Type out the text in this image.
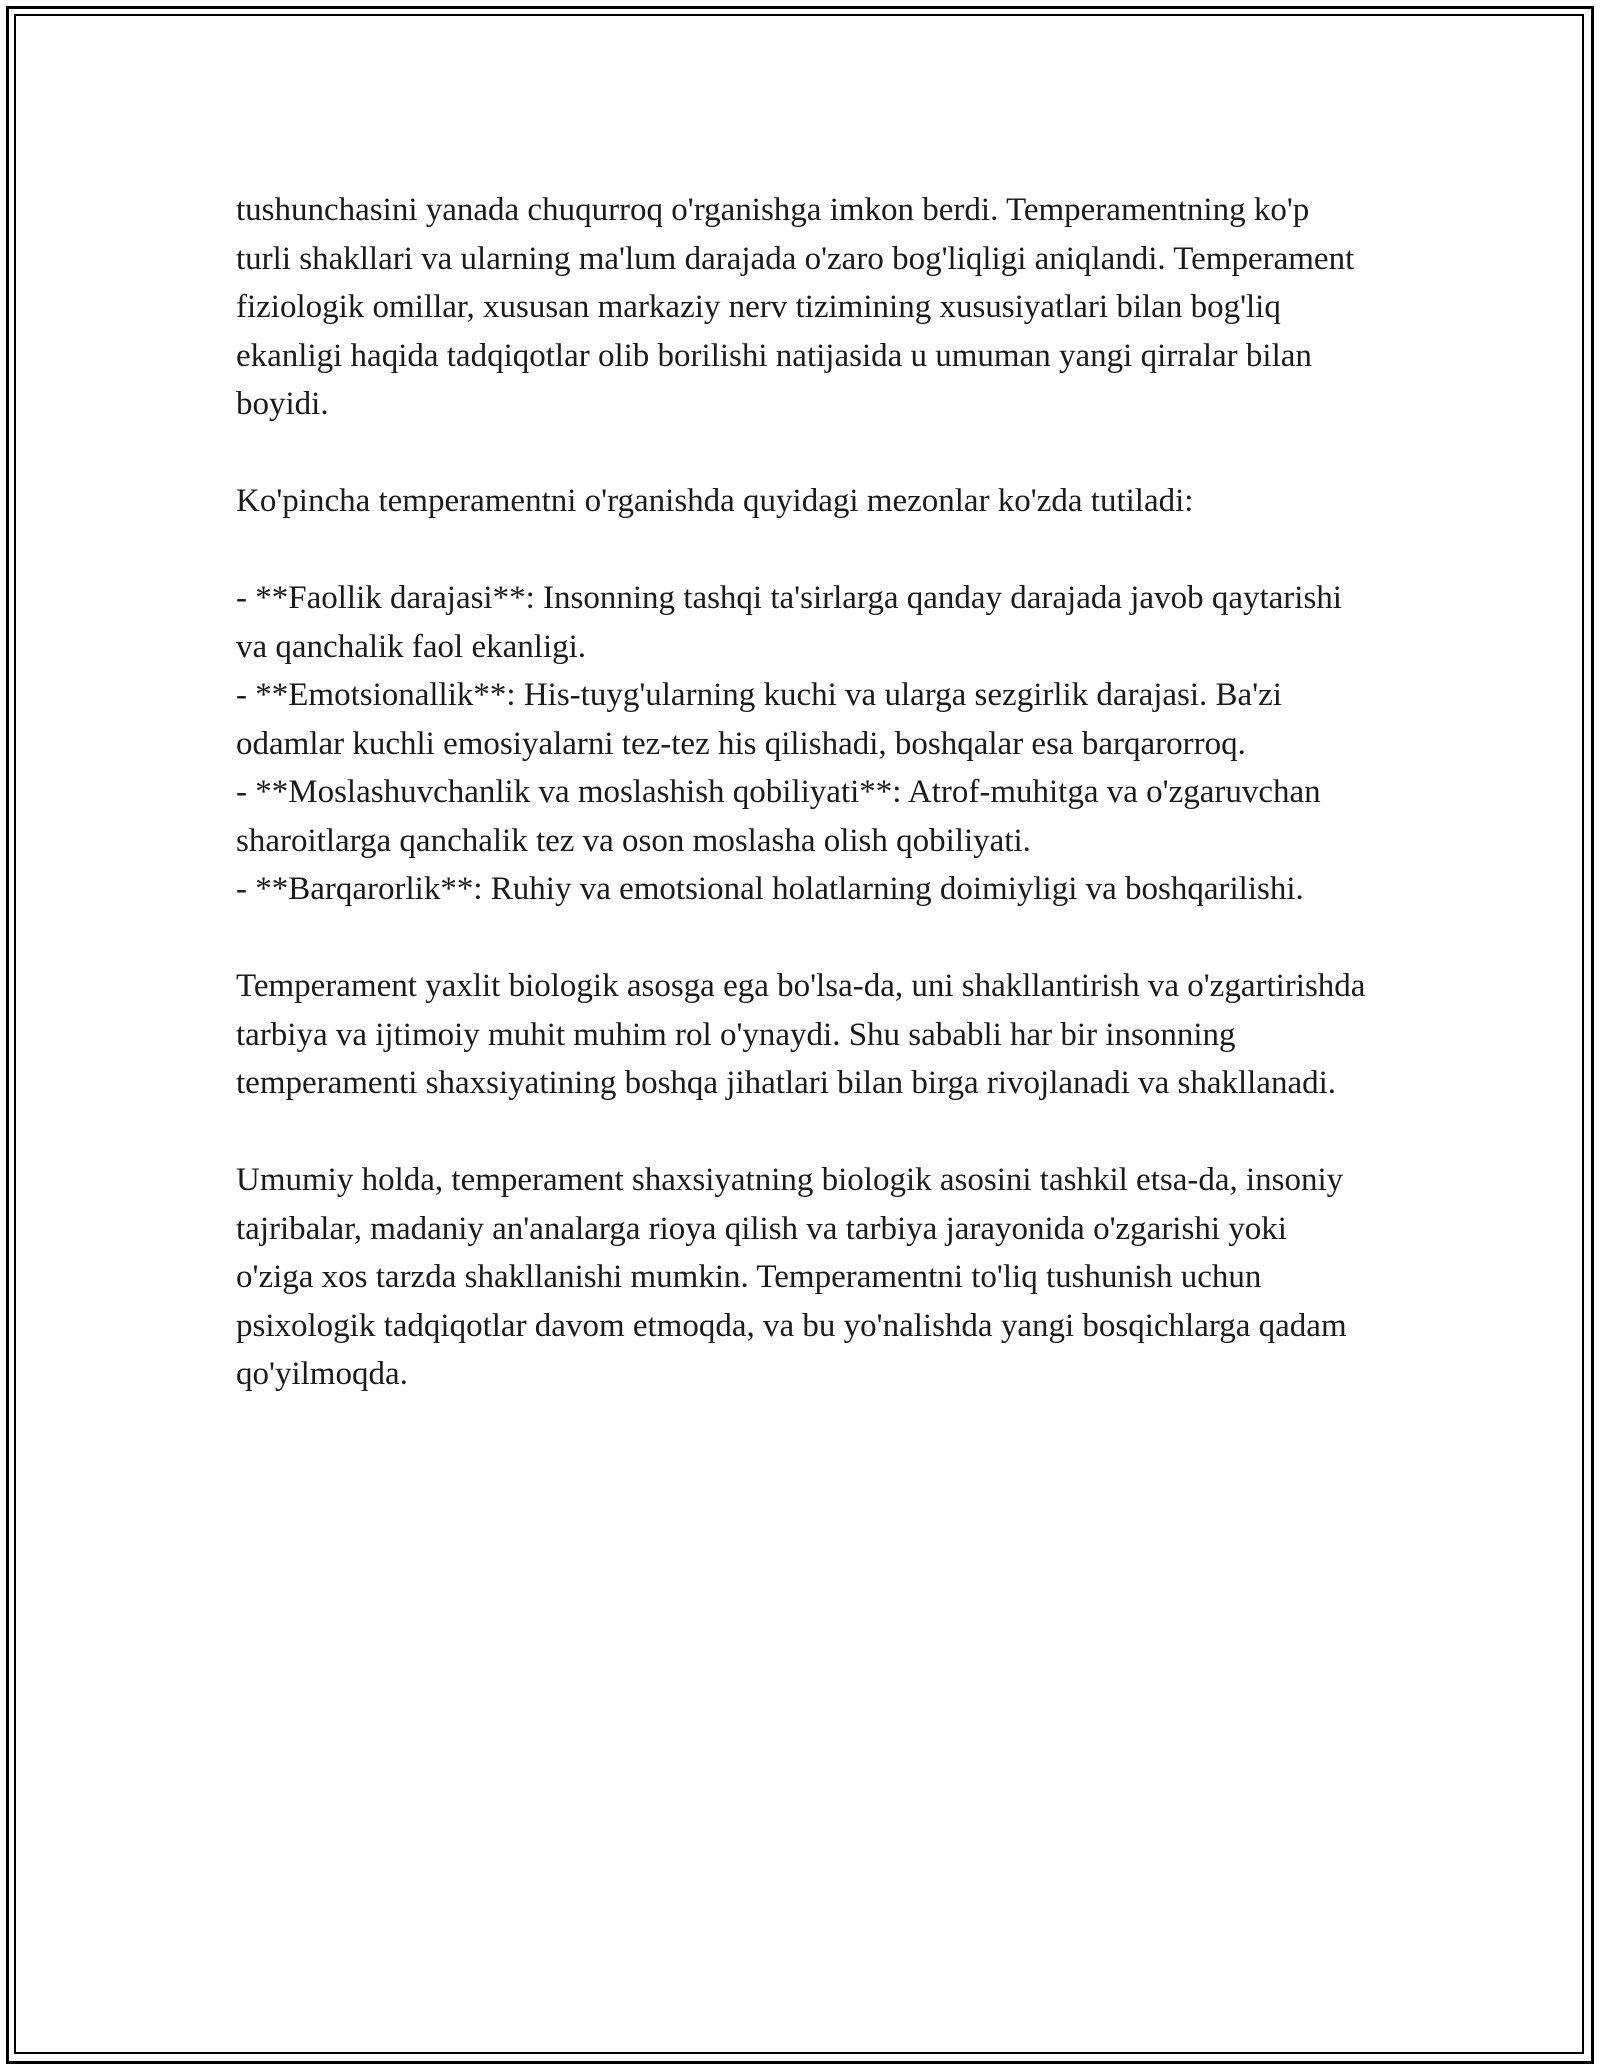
tushunchasini yanada chuqurroq o'rganishga imkon berdi. Temperamentning ko'p turli shakllari va ularning ma'lum darajada o'zaro bog'liqligi aniqlandi. Temperament fiziologik omillar, xususan markaziy nerv tizimining xususiyatlari bilan bog'liq ekanligi haqida tadqiqotlar olib borilishi natijasida u umuman yangi qirralar bilan boyidi.

Ko'pincha temperamentni o'rganishda quyidagi mezonlar ko'zda tutiladi:

- **Faollik darajasi**: Insonning tashqi ta'sirlarga qanday darajada javob qaytarishi va qanchalik faol ekanligi.

- **Emotsionallik**: His-tuyg'ularning kuchi va ularga sezgirlik darajasi. Ba'zi odamlar kuchli emosiyalarni tez-tez his qilishadi, boshqalar esa barqarorroq.

- **Moslashuvchanlik va moslashish qobiliyati**: Atrof-muhitga va o'zgaruvchan sharoitlarga qanchalik tez va oson moslasha olish qobiliyati.

- **Barqarorlik**: Ruhiy va emotsional holatlarning doimiyligi va boshqarilishi.

Temperament yaxlit biologik asosga ega bo'lsa-da, uni shakllantirish va o'zgartirishda tarbiya va ijtimoiy muhit muhim rol o'ynaydi. Shu sababli har bir insonning temperamenti shaxsiyatining boshqa jihatlari bilan birga rivojlanadi va shakllanadi.

Umumiy holda, temperament shaxsiyatning biologik asosini tashkil etsa-da, insoniy tajribalar, madaniy an'analarga rioya qilish va tarbiya jarayonida o'zgarishi yoki o'ziga xos tarzda shakllanishi mumkin. Temperamentni to'liq tushunish uchun psixologik tadqiqotlar davom etmoqda, va bu yo'nalishda yangi bosqichlarga qadam qo'yilmoqda.
